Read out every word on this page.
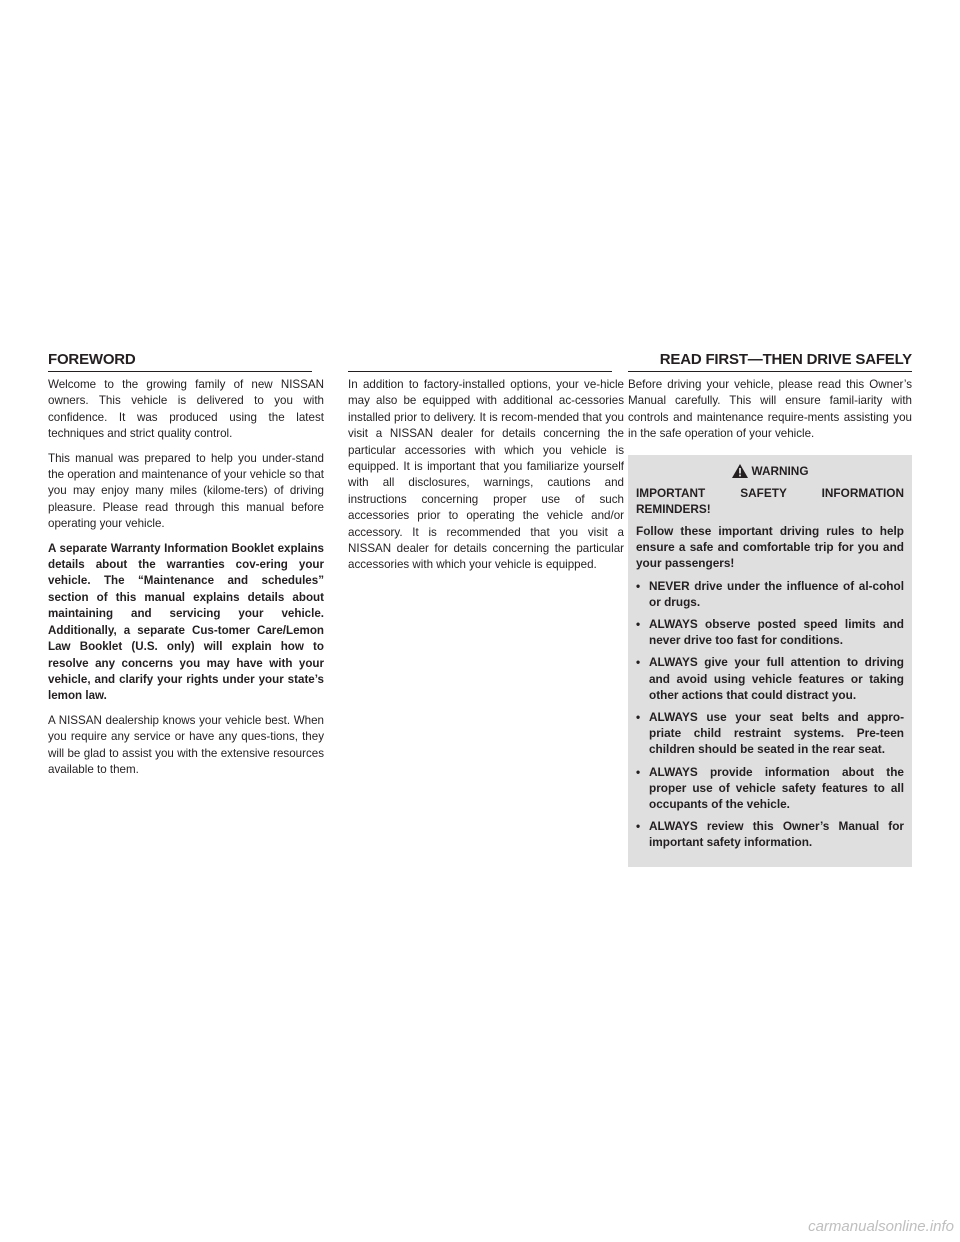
FOREWORD	READ FIRST—THEN DRIVE SAFELY

Welcome to the growing family of new NISSAN owners. This vehicle is delivered to you with confidence. It was produced using the latest techniques and strict quality control.

This manual was prepared to help you under-stand the operation and maintenance of your vehicle so that you may enjoy many miles (kilome-ters) of driving pleasure. Please read through this manual before operating your vehicle.

A separate Warranty Information Booklet explains details about the warranties cov-ering your vehicle. The “Maintenance and schedules” section of this manual explains details about maintaining and servicing your vehicle. Additionally, a separate Cus-tomer Care/Lemon Law Booklet (U.S. only) will explain how to resolve any concerns you may have with your vehicle, and clarify your rights under your state’s lemon law.

A NISSAN dealership knows your vehicle best. When you require any service or have any ques-tions, they will be glad to assist you with the extensive resources available to them.

In addition to factory-installed options, your ve-hicle may also be equipped with additional ac-cessories installed prior to delivery. It is recom-mended that you visit a NISSAN dealer for details concerning the particular accessories with which you vehicle is equipped. It is important that you familiarize yourself with all disclosures, warnings, cautions and instructions concerning proper use of such accessories prior to operating the vehicle and/or accessory. It is recommended that you visit a NISSAN dealer for details concerning the particular accessories with which your vehicle is equipped.

Before driving your vehicle, please read this Owner’s Manual carefully. This will ensure famil-iarity with controls and maintenance require-ments assisting you in the safe operation of your vehicle.

WARNING

IMPORTANT SAFETY INFORMATION REMINDERS!

Follow these important driving rules to help ensure a safe and comfortable trip for you and your passengers!

• NEVER drive under the influence of al-cohol or drugs.
• ALWAYS observe posted speed limits and never drive too fast for conditions.
• ALWAYS give your full attention to driving and avoid using vehicle features or taking other actions that could distract you.
• ALWAYS use your seat belts and appro-priate child restraint systems. Pre-teen children should be seated in the rear seat.
• ALWAYS provide information about the proper use of vehicle safety features to all occupants of the vehicle.
• ALWAYS review this Owner’s Manual for important safety information.
carmanualsonline.info
